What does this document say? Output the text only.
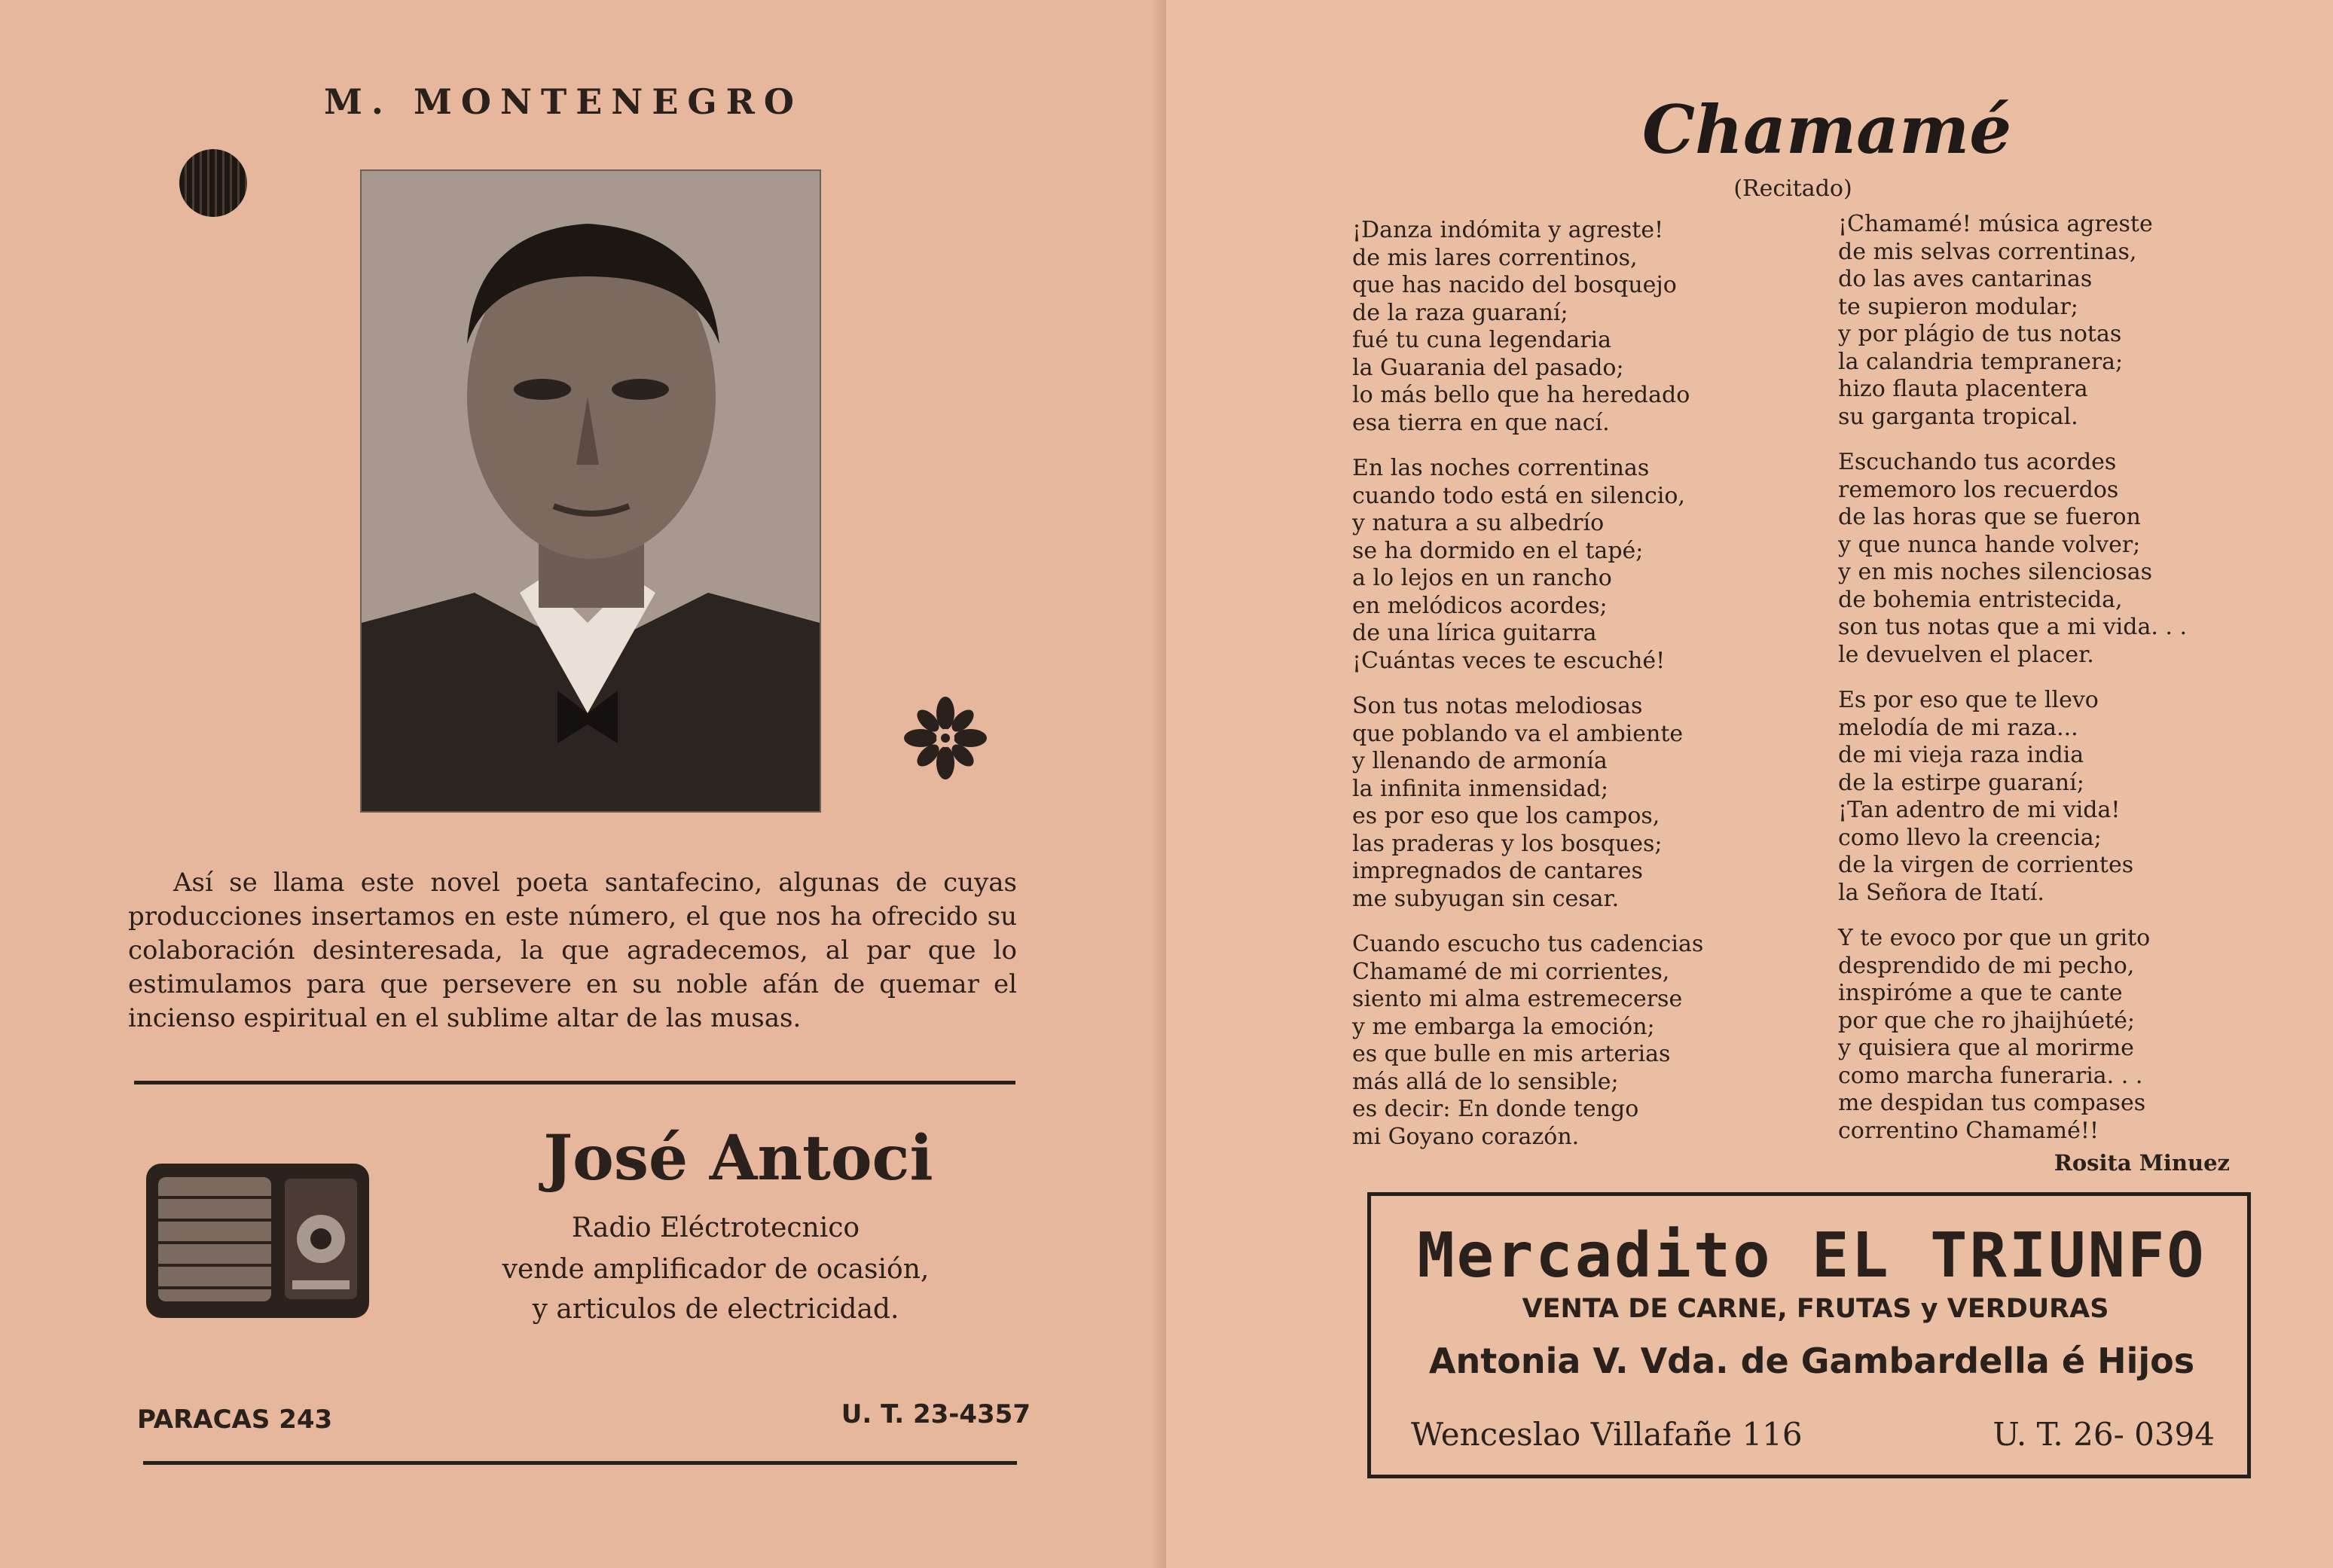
M. MONTENEGRO
Así se llama este novel poeta santafecino, algunas de cuyas producciones insertamos en este número, el que nos ha ofrecido su colaboración desinteresada, la que agradecemos, al par que lo estimulamos para que persevere en su noble afán de quemar el incienso espiritual en el sublime altar de las musas.
José Antoci
Radio Eléctrotecnico
vende amplificador de ocasión,
y articulos de electricidad.
PARACAS 243	U. T. 23-4357
Chamamé
(Recitado)
¡Danza indómita y agreste!
de mis lares correntinos,
que has nacido del bosquejo
de la raza guaraní;
fué tu cuna legendaria
la Guarania del pasado;
lo más bello que ha heredado
esa tierra en que nací.
En las noches correntinas
cuando todo está en silencio,
y natura a su albedrío
se ha dormido en el tapé;
a lo lejos en un rancho
en melódicos acordes;
de una lírica guitarra
¡Cuántas veces te escuché!
Son tus notas melodiosas
que poblando va el ambiente
y llenando de armonía
la infinita inmensidad;
es por eso que los campos,
las praderas y los bosques;
impregnados de cantares
me subyugan sin cesar.
Cuando escucho tus cadencias
Chamamé de mi corrientes,
siento mi alma estremecerse
y me embarga la emoción;
es que bulle en mis arterias
más allá de lo sensible;
es decir: En donde tengo
mi Goyano corazón.
¡Chamamé! música agreste
de mis selvas correntinas,
do las aves cantarinas
te supieron modular;
y por plágio de tus notas
la calandria tempranera;
hizo flauta placentera
su garganta tropical.
Escuchando tus acordes
rememoro los recuerdos
de las horas que se fueron
y que nunca hande volver;
y en mis noches silenciosas
de bohemia entristecida,
son tus notas que a mi vida. . .
le devuelven el placer.
Es por eso que te llevo
melodía de mi raza...
de mi vieja raza india
de la estirpe guaraní;
¡Tan adentro de mi vida!
como llevo la creencia;
de la virgen de corrientes
la Señora de Itatí.
Y te evoco por que un grito
desprendido de mi pecho,
inspiróme a que te cante
por que che ro jhaijhúeté;
y quisiera que al morirme
como marcha funeraria. . .
me despidan tus compases
correntino Chamamé!!
Rosita Minuez
Mercadito EL TRIUNFO
VENTA DE CARNE, FRUTAS y VERDURAS
Antonia V. Vda. de Gambardella é Hijos
Wenceslao Villafañe 116	U. T. 26- 0394
